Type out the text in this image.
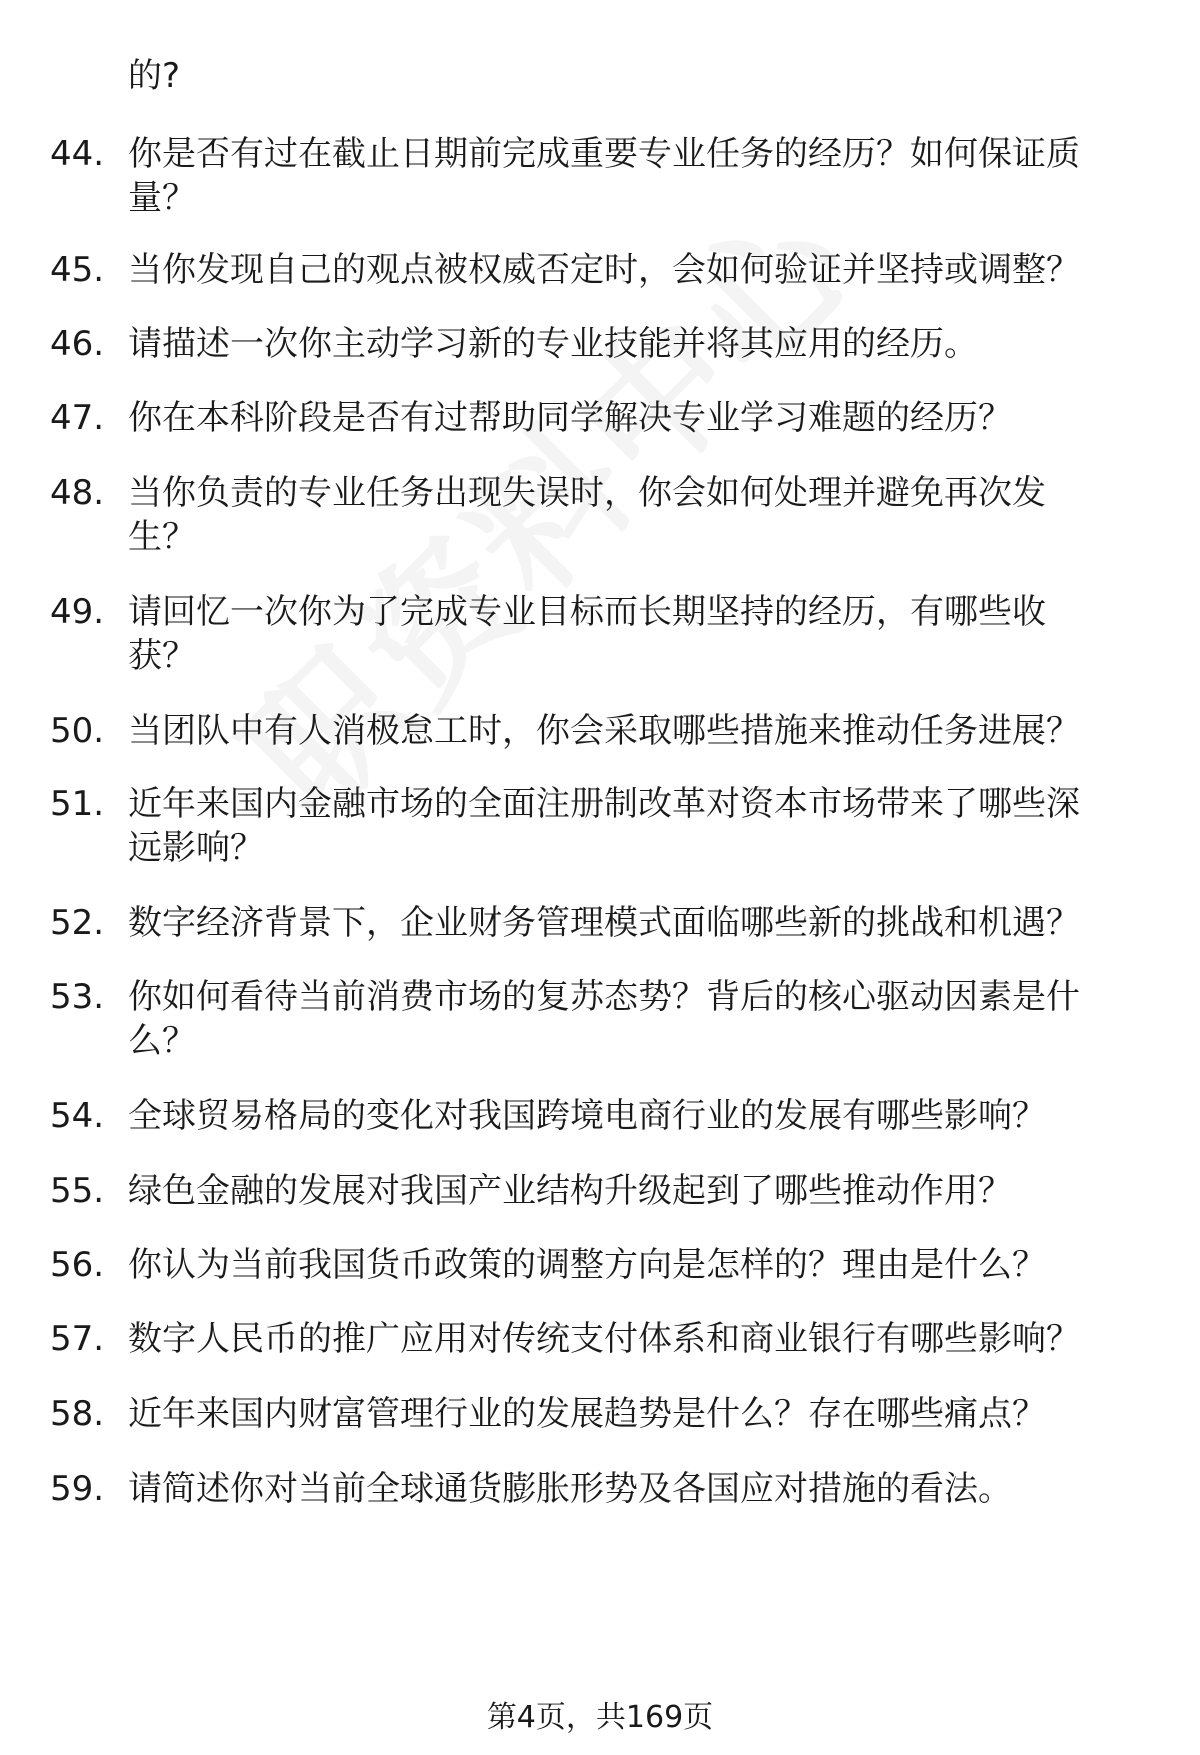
的?
44. 你是否有过在截止日期前完成重要专业任务的经历？如何保证质
量？
45. 当你发现自己的观点被权威否定时，会如何验证并坚持或调整？
46. 请描述一次你主动学习新的专业技能并将其应用的经历。
47. 你在本科阶段是否有过帮助同学解决专业学习难题的经历？
48. 当你负责的专业任务出现失误时，你会如何处理并避免再次发
生？
49. 请回忆一次你为了完成专业目标而长期坚持的经历，有哪些收
获？
50. 当团队中有人消极怠工时，你会采取哪些措施来推动任务进展？
51. 近年来国内金融市场的全面注册制改革对资本市场带来了哪些深
远影响？
52. 数字经济背景下，企业财务管理模式面临哪些新的挑战和机遇？
53. 你如何看待当前消费市场的复苏态势？背后的核心驱动因素是什
么？
54. 全球贸易格局的变化对我国跨境电商行业的发展有哪些影响？
55. 绿色金融的发展对我国产业结构升级起到了哪些推动作用？
56. 你认为当前我国货币政策的调整方向是怎样的？理由是什么？
57. 数字人民币的推广应用对传统支付体系和商业银行有哪些影响？
58. 近年来国内财富管理行业的发展趋势是什么？存在哪些痛点？
59. 请简述你对当前全球通货膨胀形势及各国应对措施的看法。
第4页，共169页
